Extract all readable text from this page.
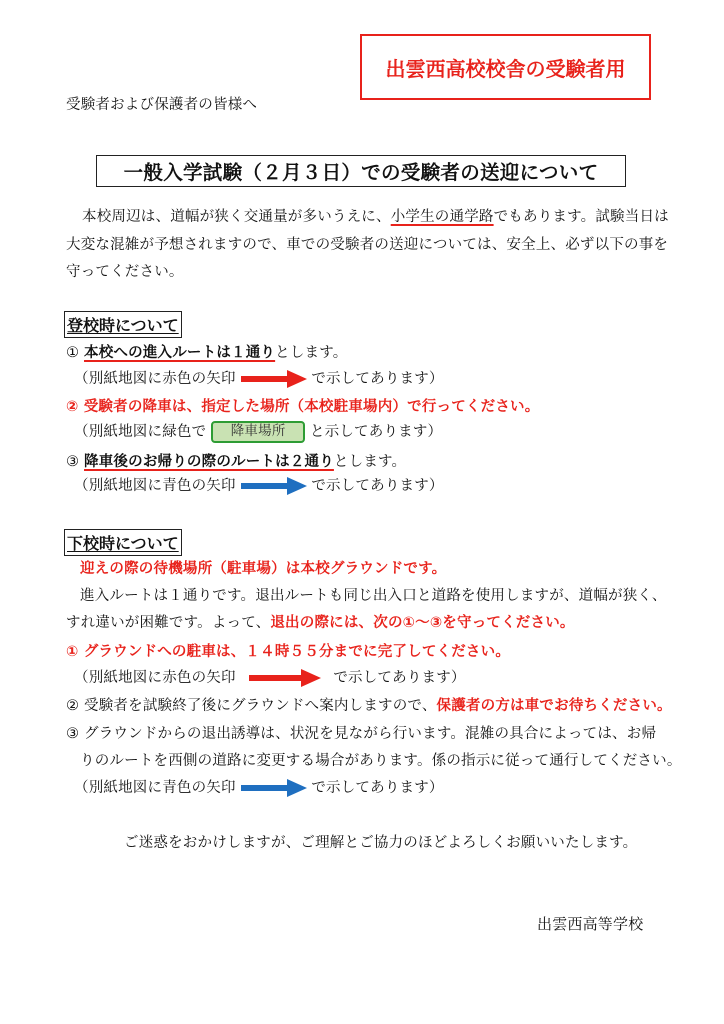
出雲西高校校舎の受験者用
受験者および保護者の皆様へ
一般入学試験（２月３日）での受験者の送迎について
本校周辺は、道幅が狭く交通量が多いうえに、小学生の通学路でもあります。試験当日は
大変な混雑が予想されますので、車での受験者の送迎については、安全上、必ず以下の事を
守ってください。
登校時について
① 本校への進入ルートは１通りとします。
（別紙地図に赤色の矢印	で示してあります）
② 受験者の降車は、指定した場所（本校駐車場内）で行ってください。
（別紙地図に緑色で 降車場所 と示してあります）
③ 降車後のお帰りの際のルートは２通りとします。
（別紙地図に青色の矢印	で示してあります）
下校時について
迎えの際の待機場所（駐車場）は本校グラウンドです。
進入ルートは１通りです。退出ルートも同じ出入口と道路を使用しますが、道幅が狭く、
すれ違いが困難です。よって、退出の際には、次の①～③を守ってください。
① グラウンドへの駐車は、１４時５５分までに完了してください。
（別紙地図に赤色の矢印	で示してあります）
② 受験者を試験終了後にグラウンドへ案内しますので、保護者の方は車でお待ちください。
③ グラウンドからの退出誘導は、状況を見ながら行います。混雑の具合によっては、お帰
りのルートを西側の道路に変更する場合があります。係の指示に従って通行してください。
（別紙地図に青色の矢印	で示してあります）
ご迷惑をおかけしますが、ご理解とご協力のほどよろしくお願いいたします。
出雲西高等学校
